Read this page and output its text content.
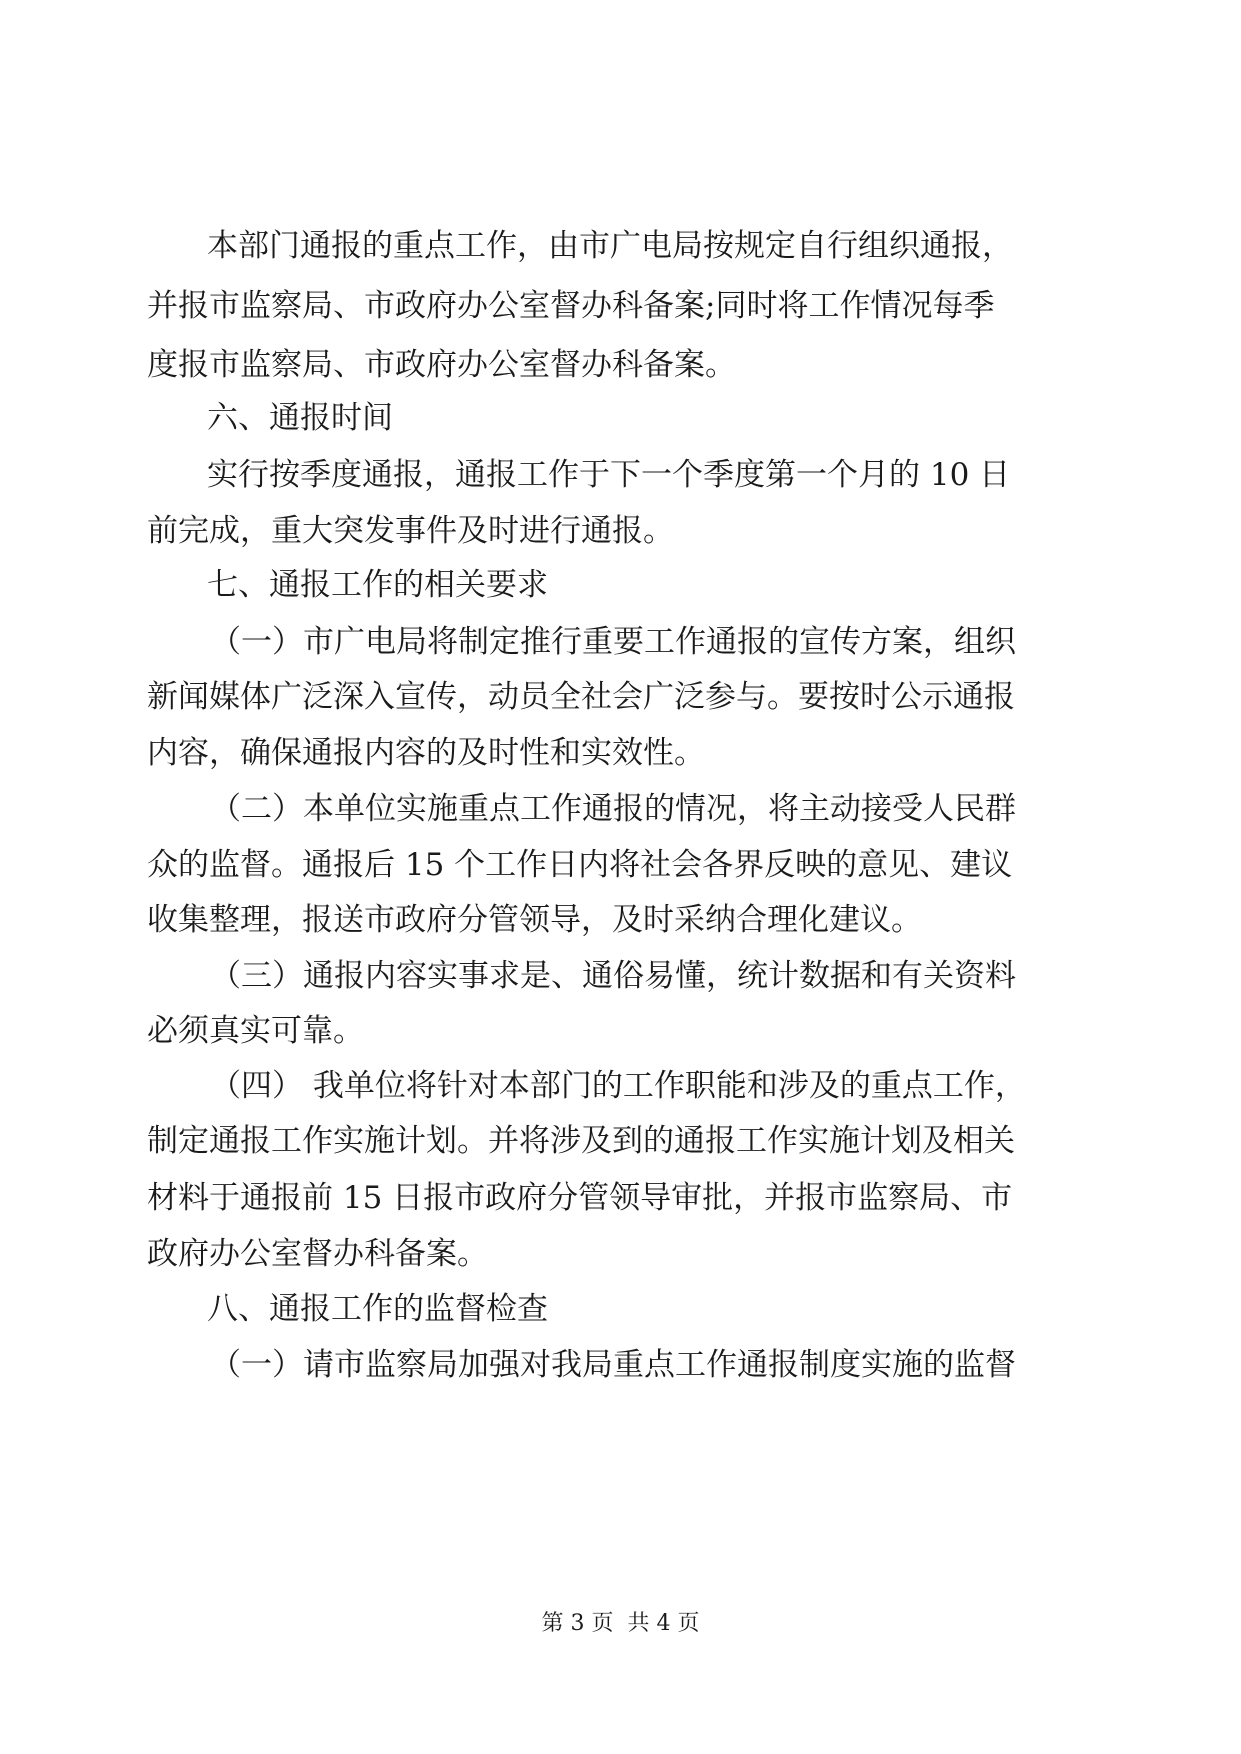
本部门通报的重点工作，由市广电局按规定自行组织通报，

并报市监察局、市政府办公室督办科备案;同时将工作情况每季

度报市监察局、市政府办公室督办科备案。

六、通报时间

实行按季度通报，通报工作于下一个季度第一个月的 10 日

前完成，重大突发事件及时进行通报。

七、通报工作的相关要求

（一）市广电局将制定推行重要工作通报的宣传方案，组织

新闻媒体广泛深入宣传，动员全社会广泛参与。要按时公示通报

内容，确保通报内容的及时性和实效性。

（二）本单位实施重点工作通报的情况，将主动接受人民群

众的监督。通报后 15 个工作日内将社会各界反映的意见、建议

收集整理，报送市政府分管领导，及时采纳合理化建议。

（三）通报内容实事求是、通俗易懂，统计数据和有关资料

必须真实可靠。

（四） 我单位将针对本部门的工作职能和涉及的重点工作，

制定通报工作实施计划。并将涉及到的通报工作实施计划及相关

材料于通报前 15 日报市政府分管领导审批，并报市监察局、市

政府办公室督办科备案。

八、通报工作的监督检查

（一）请市监察局加强对我局重点工作通报制度实施的监督

第 3 页  共 4 页
